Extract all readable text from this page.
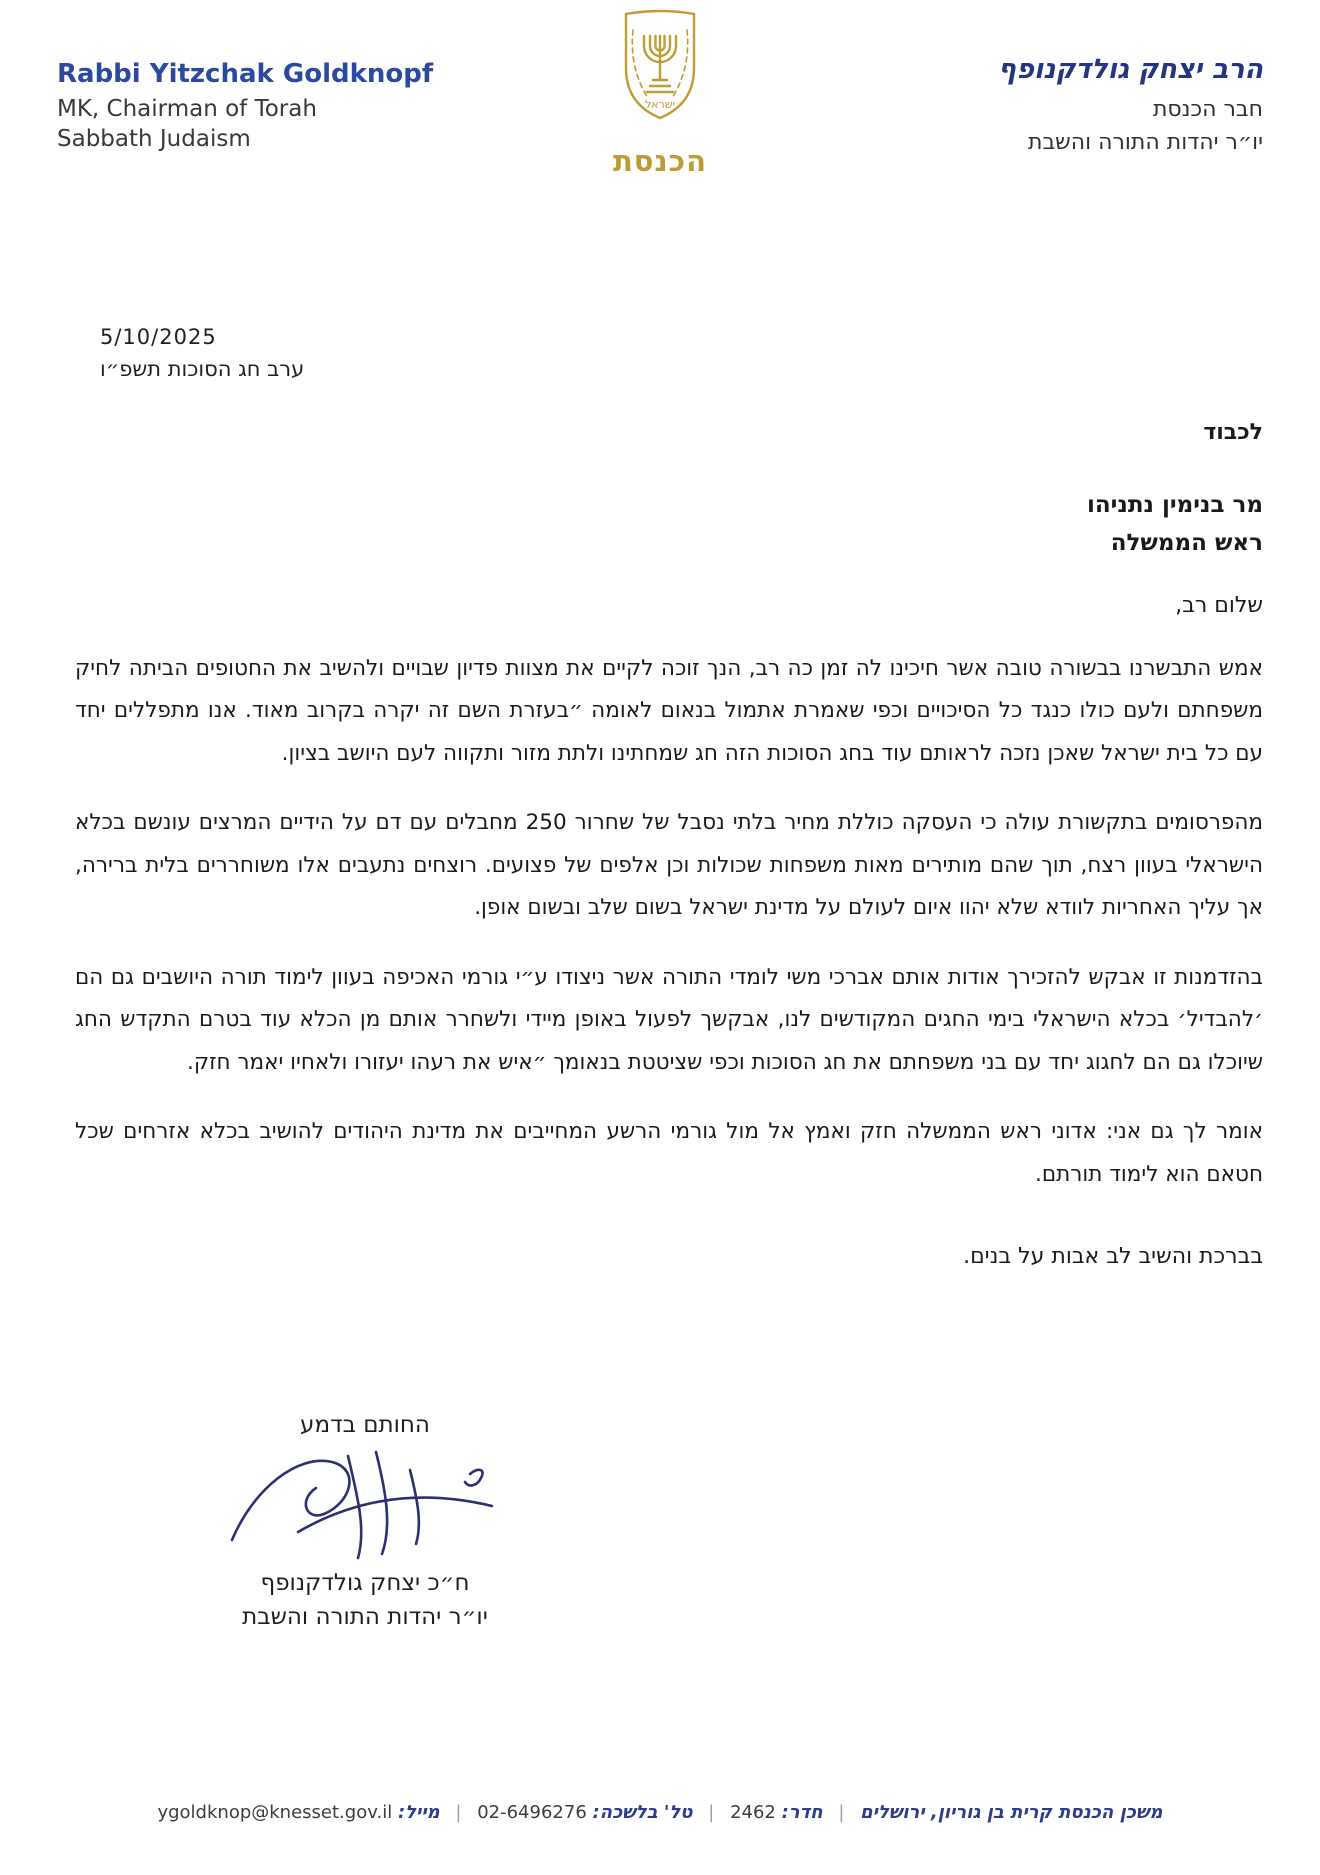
Rabbi Yitzchak Goldknopf
MK, Chairman of Torah
Sabbath Judaism
ישראל
הכנסת
הרב יצחק גולדקנופף
חבר הכנסת
יו״ר יהדות התורה והשבת
5/10/2025
ערב חג הסוכות תשפ״ו
לכבוד
מר בנימין נתניהו
ראש הממשלה
שלום רב,

אמש התבשרנו בבשורה טובה אשר חיכינו לה זמן כה רב, הנך זוכה לקיים את מצוות פדיון שבויים ולהשיב את החטופים הביתה לחיק משפחתם ולעם כולו כנגד כל הסיכויים וכפי שאמרת אתמול בנאום לאומה ״בעזרת השם זה יקרה בקרוב מאוד. אנו מתפללים יחד עם כל בית ישראל שאכן נזכה לראותם עוד בחג הסוכות הזה חג שמחתינו ולתת מזור ותקווה לעם היושב בציון.

מהפרסומים בתקשורת עולה כי העסקה כוללת מחיר בלתי נסבל של שחרור 250 מחבלים עם דם על הידיים המרצים עונשם בכלא הישראלי בעוון רצח, תוך שהם מותירים מאות משפחות שכולות וכן אלפים של פצועים. רוצחים נתעבים אלו משוחררים בלית ברירה, אך עליך האחריות לוודא שלא יהוו איום לעולם על מדינת ישראל בשום שלב ובשום אופן.

בהזדמנות זו אבקש להזכירך אודות אותם אברכי משי לומדי התורה אשר ניצודו ע״י גורמי האכיפה בעוון לימוד תורה היושבים גם הם ׳להבדיל׳ בכלא הישראלי בימי החגים המקודשים לנו, אבקשך לפעול באופן מיידי ולשחרר אותם מן הכלא עוד בטרם התקדש החג שיוכלו גם הם לחגוג יחד עם בני משפחתם את חג הסוכות וכפי שציטטת בנאומך ״איש את רעהו יעזורו ולאחיו יאמר חזק.

אומר לך גם אני: אדוני ראש הממשלה חזק ואמץ אל מול גורמי הרשע המחייבים את מדינת היהודים להושיב בכלא אזרחים שכל חטאם הוא לימוד תורתם.

בברכת והשיב לב אבות על בנים.
החותם בדמע
ח״כ יצחק גולדקנופף
יו״ר יהדות התורה והשבת
משכן הכנסת קרית בן גוריון, ירושלים | חדר: 2462 | טל' בלשכה: 02-6496276 | מייל: ygoldknop@knesset.gov.il
